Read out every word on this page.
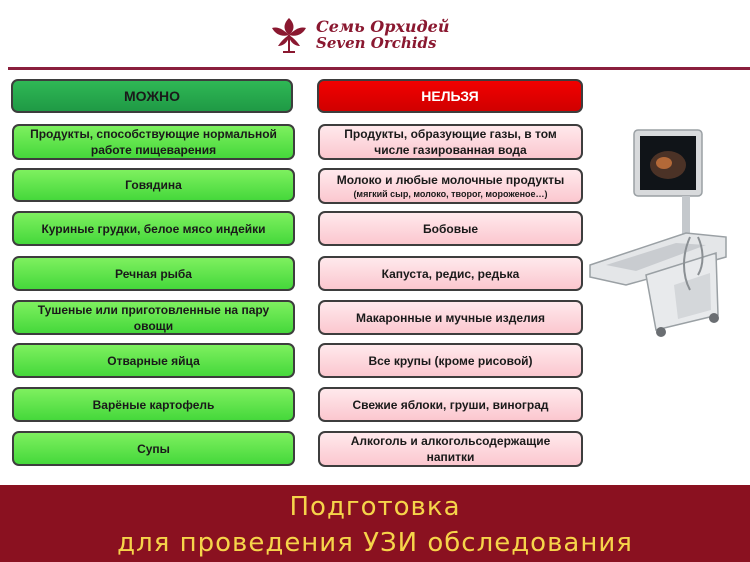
Семь Орхидей
Seven Orchids
МОЖНО	НЕЛЬЗЯ
Продукты, способствующие нормальной работе пищеварения
Говядина
Куриные грудки, белое мясо индейки
Речная рыба
Тушеные или приготовленные на пару овощи
Отварные яйца
Варёные картофель
Супы
Продукты, образующие газы, в том числе газированная вода
Молоко и любые молочные продукты
(мягкий сыр, молоко, творог, мороженое…)
Бобовые
Капуста, редис, редька
Макаронные и мучные изделия
Все крупы (кроме рисовой)
Свежие яблоки, груши, виноград
Алкоголь и алкогольсодержащие напитки
Подготовка
для проведения УЗИ обследования
